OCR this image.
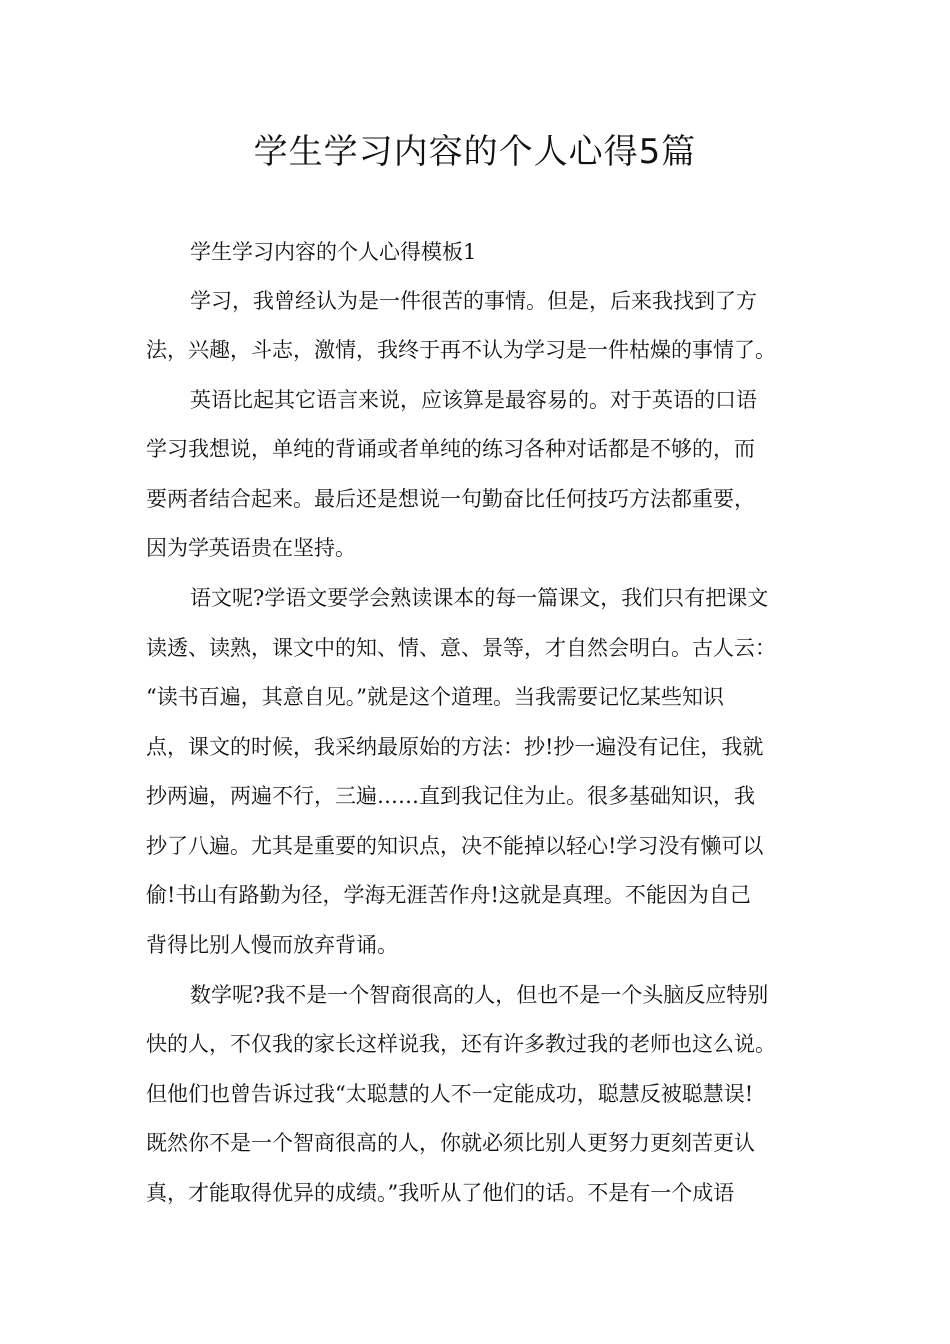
学生学习内容的个人心得5篇

学生学习内容的个人心得模板1

学习，我曾经认为是一件很苦的事情。但是，后来我找到了方

法，兴趣，斗志，激情，我终于再不认为学习是一件枯燥的事情了。

英语比起其它语言来说，应该算是最容易的。对于英语的口语

学习我想说，单纯的背诵或者单纯的练习各种对话都是不够的，而

要两者结合起来。最后还是想说一句勤奋比任何技巧方法都重要，

因为学英语贵在坚持。

语文呢?学语文要学会熟读课本的每一篇课文，我们只有把课文

读透、读熟，课文中的知、情、意、景等，才自然会明白。古人云：

“读书百遍，其意自见。”就是这个道理。当我需要记忆某些知识

点，课文的时候，我采纳最原始的方法：抄!抄一遍没有记住，我就

抄两遍，两遍不行，三遍……直到我记住为止。很多基础知识，我

抄了八遍。尤其是重要的知识点，决不能掉以轻心!学习没有懒可以

偷!书山有路勤为径，学海无涯苦作舟!这就是真理。不能因为自己

背得比别人慢而放弃背诵。

数学呢?我不是一个智商很高的人，但也不是一个头脑反应特别

快的人，不仅我的家长这样说我，还有许多教过我的老师也这么说。

但他们也曾告诉过我“太聪慧的人不一定能成功，聪慧反被聪慧误!

既然你不是一个智商很高的人，你就必须比别人更努力更刻苦更认

真，才能取得优异的成绩。”我听从了他们的话。不是有一个成语
